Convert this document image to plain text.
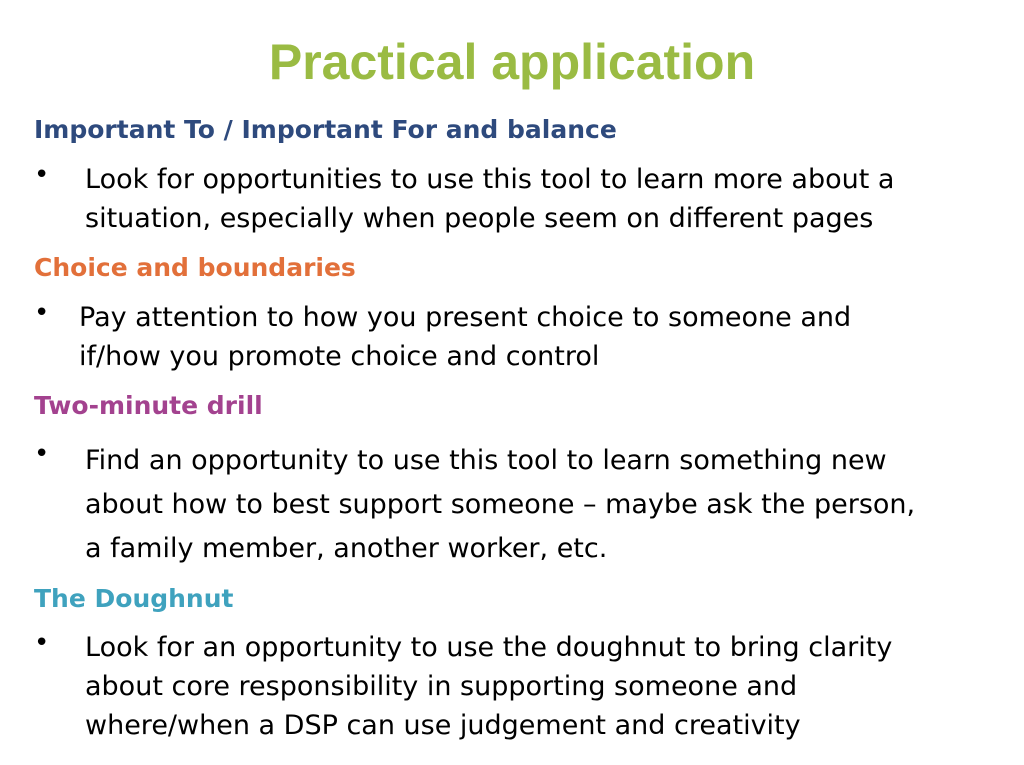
Practical application
Important To / Important For and balance
• Look for opportunities to use this tool to learn more about a
situation, especially when people seem on different pages
Choice and boundaries
• Pay attention to how you present choice to someone and
if/how you promote choice and control
Two-minute drill
• Find an opportunity to use this tool to learn something new
about how to best support someone – maybe ask the person,
a family member, another worker, etc.
The Doughnut
• Look for an opportunity to use the doughnut to bring clarity
about core responsibility in supporting someone and
where/when a DSP can use judgement and creativity
